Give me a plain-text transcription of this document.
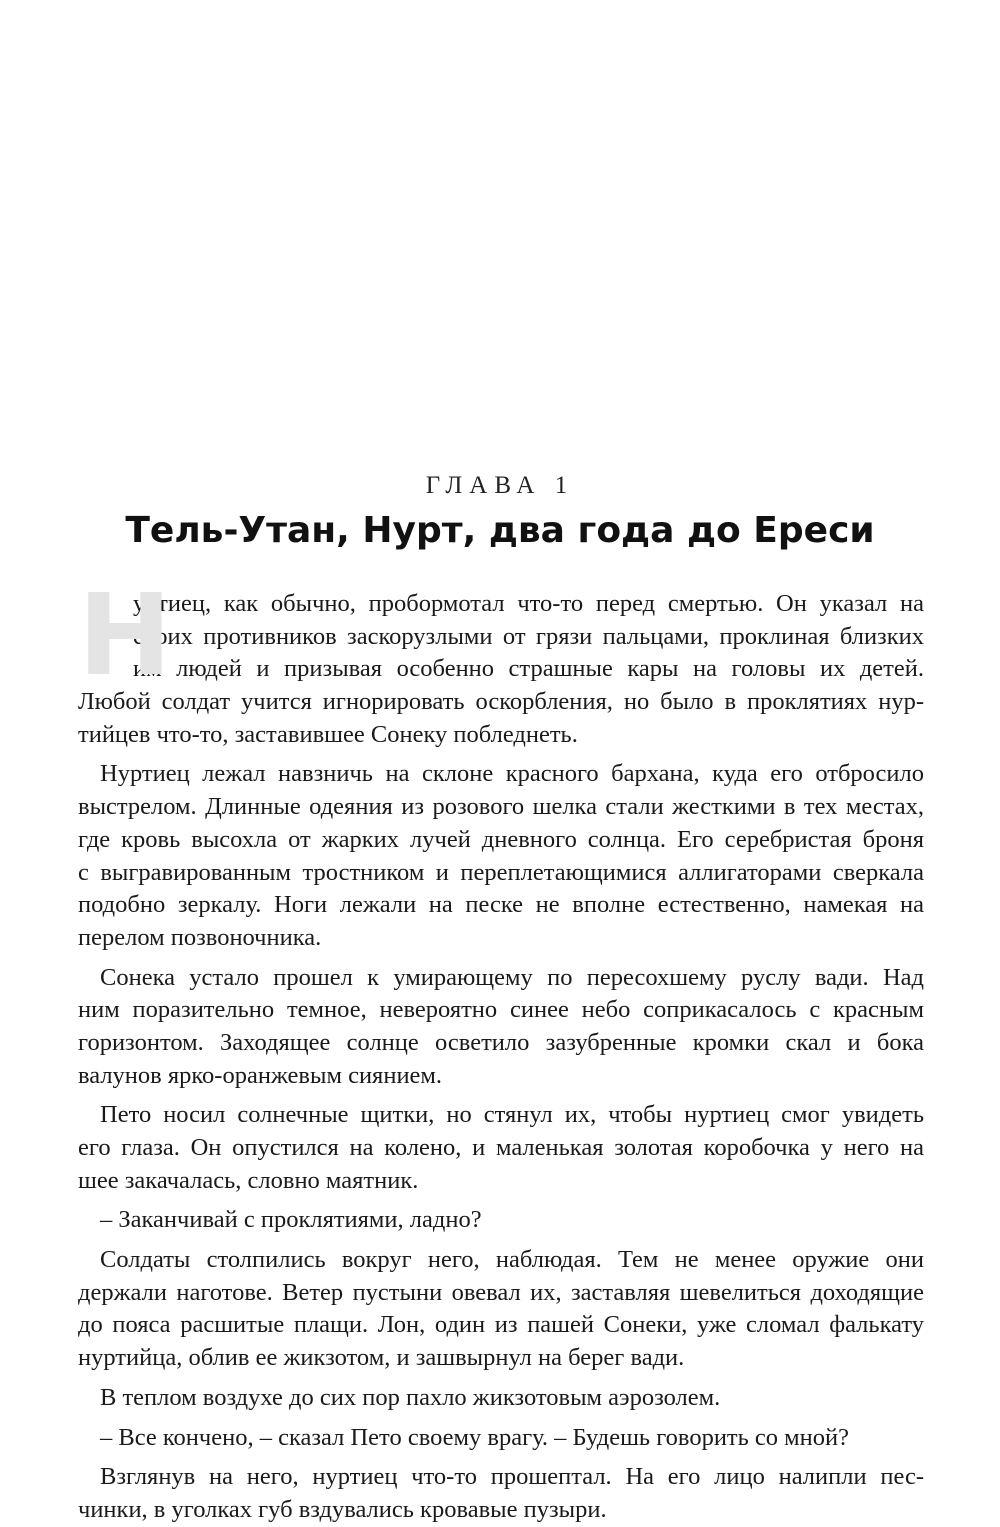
ГЛАВА 1
Тель-Утан, Нурт, два года до Ереси
Н
уртиец, как обычно, пробормотал что-то перед смертью. Он указал на
своих противников заскорузлыми от грязи пальцами, проклиная близких
им людей и призывая особенно страшные кары на головы их детей.
Любой солдат учится игнорировать оскорбления, но было в проклятиях нур-
тийцев что-то, заставившее Сонеку побледнеть.
Нуртиец лежал навзничь на склоне красного бархана, куда его отбросило
выстрелом. Длинные одеяния из розового шелка стали жесткими в тех местах,
где кровь высохла от жарких лучей дневного солнца. Его серебристая броня
с выгравированным тростником и переплетающимися аллигаторами сверкала
подобно зеркалу. Ноги лежали на песке не вполне естественно, намекая на
перелом позвоночника.
Сонека устало прошел к умирающему по пересохшему руслу вади. Над
ним поразительно темное, невероятно синее небо соприкасалось с красным
горизонтом. Заходящее солнце осветило зазубренные кромки скал и бока
валунов ярко-оранжевым сиянием.
Пето носил солнечные щитки, но стянул их, чтобы нуртиец смог увидеть
его глаза. Он опустился на колено, и маленькая золотая коробочка у него на
шее закачалась, словно маятник.
– Заканчивай с проклятиями, ладно?
Солдаты столпились вокруг него, наблюдая. Тем не менее оружие они
держали наготове. Ветер пустыни овевал их, заставляя шевелиться доходящие
до пояса расшитые плащи. Лон, один из пашей Сонеки, уже сломал фалькату
нуртийца, облив ее жикзотом, и зашвырнул на берег вади.
В теплом воздухе до сих пор пахло жикзотовым аэрозолем.
– Все кончено, – сказал Пето своему врагу. – Будешь говорить со мной?
Взглянув на него, нуртиец что-то прошептал. На его лицо налипли пес-
чинки, в уголках губ вздувались кровавые пузыри.
